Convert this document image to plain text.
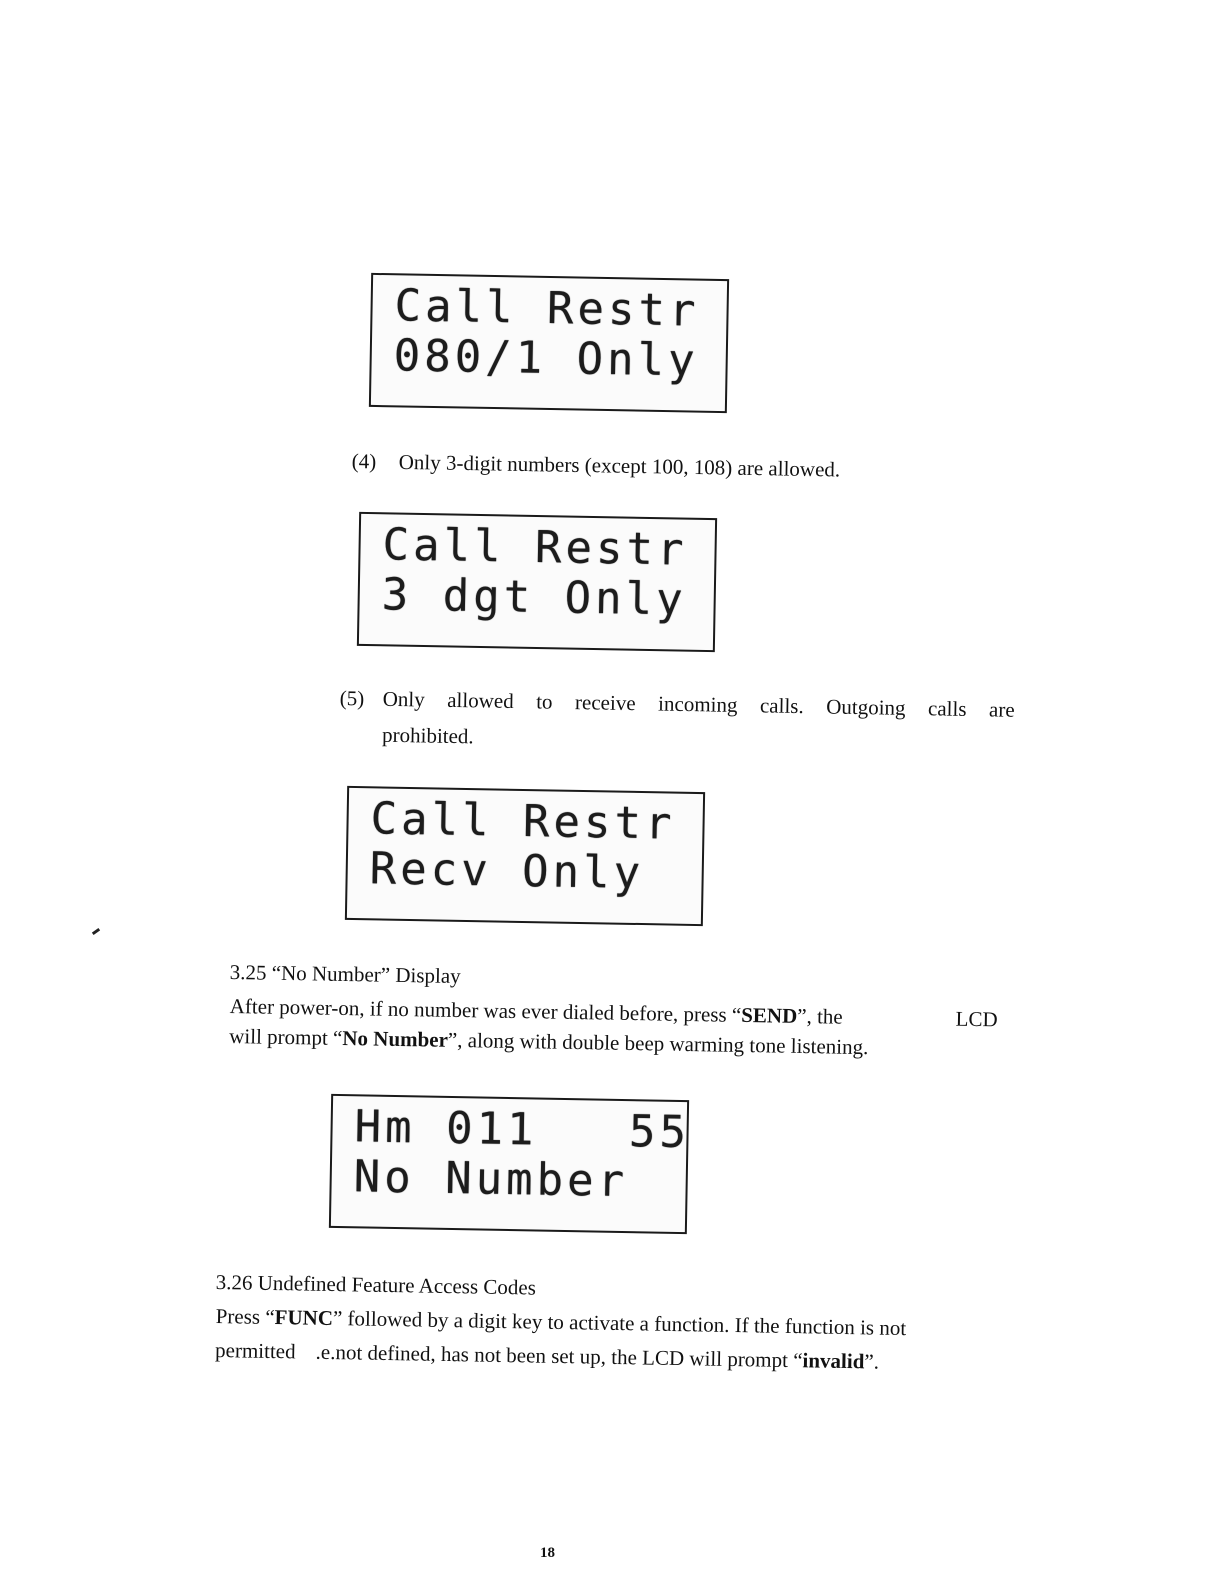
Call Restr
080/1 Only
(4) Only 3-digit numbers (except 100, 108) are allowed.
Call Restr
3 dgt Only
(5) Only allowed to receive incoming calls. Outgoing calls are
prohibited.
Call Restr
Recv Only
3.25 “No Number” Display
After power-on, if no number was ever dialed before, press “SEND”, the	LCD
will prompt “No Number”, along with double beep warming tone listening.
Hm 011   55
No Number
3.26 Undefined Feature Access Codes
Press “FUNC” followed by a digit key to activate a function. If the function is not
permitted .e.not defined, has not been set up, the LCD will prompt “invalid”.
18
